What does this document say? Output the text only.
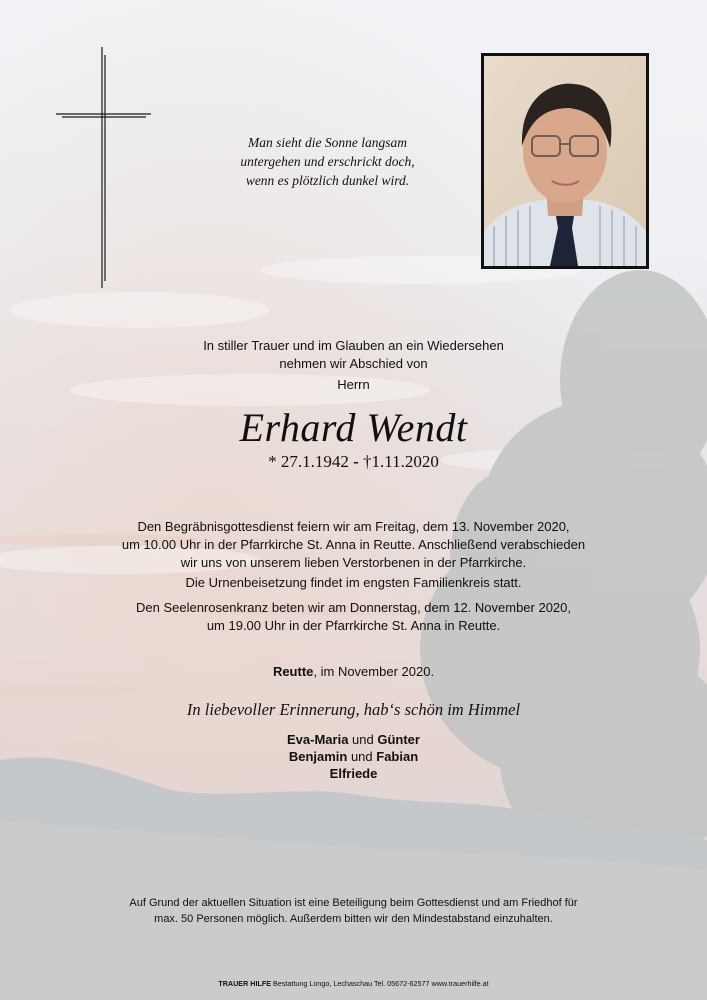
Man sieht die Sonne langsam
untergehen und erschrickt doch,
wenn es plötzlich dunkel wird.
In stiller Trauer und im Glauben an ein Wiedersehen
nehmen wir Abschied von
Herrn
Erhard Wendt
* 27.1.1942 - †1.11.2020
Den Begräbnisgottesdienst feiern wir am Freitag, dem 13. November 2020,
um 10.00 Uhr in der Pfarrkirche St. Anna in Reutte. Anschließend verabschieden
wir uns von unserem lieben Verstorbenen in der Pfarrkirche.
Die Urnenbeisetzung findet im engsten Familienkreis statt.
Den Seelenrosenkranz beten wir am Donnerstag, dem 12. November 2020,
um 19.00 Uhr in der Pfarrkirche St. Anna in Reutte.
Reutte, im November 2020.
In liebevoller Erinnerung, hab‘s schön im Himmel
Eva-Maria und Günter
Benjamin und Fabian
Elfriede
Auf Grund der aktuellen Situation ist eine Beteiligung beim Gottesdienst und am Friedhof für
max. 50 Personen möglich. Außerdem bitten wir den Mindestabstand einzuhalten.
TRAUER HILFE Bestattung Longo, Lechaschau Tel. 05672-62577 www.trauerhilfe.at
